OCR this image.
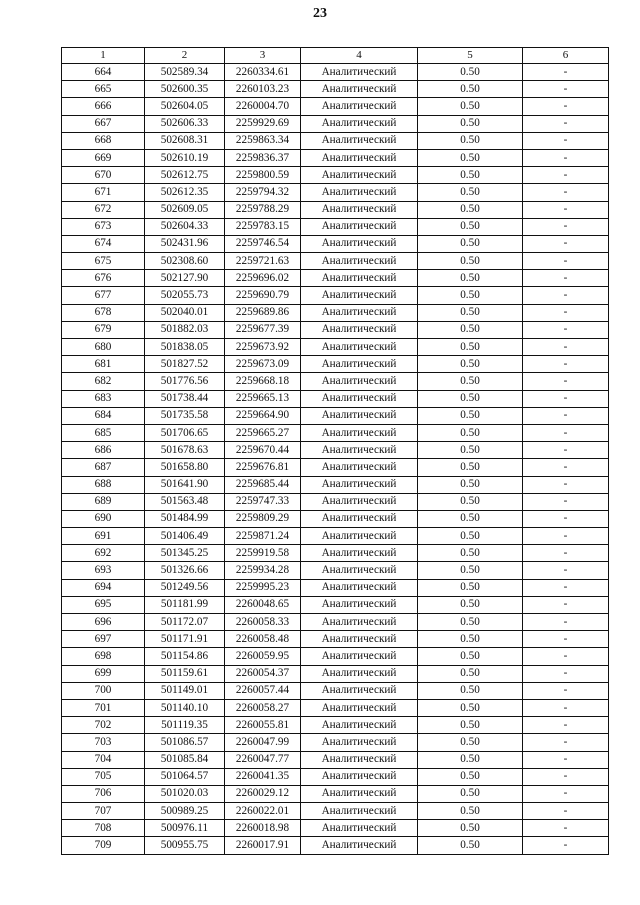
23
1	2	3	4	5	6
664	502589.34	2260334.61	Аналитический	0.50	-
665	502600.35	2260103.23	Аналитический	0.50	-
666	502604.05	2260004.70	Аналитический	0.50	-
667	502606.33	2259929.69	Аналитический	0.50	-
668	502608.31	2259863.34	Аналитический	0.50	-
669	502610.19	2259836.37	Аналитический	0.50	-
670	502612.75	2259800.59	Аналитический	0.50	-
671	502612.35	2259794.32	Аналитический	0.50	-
672	502609.05	2259788.29	Аналитический	0.50	-
673	502604.33	2259783.15	Аналитический	0.50	-
674	502431.96	2259746.54	Аналитический	0.50	-
675	502308.60	2259721.63	Аналитический	0.50	-
676	502127.90	2259696.02	Аналитический	0.50	-
677	502055.73	2259690.79	Аналитический	0.50	-
678	502040.01	2259689.86	Аналитический	0.50	-
679	501882.03	2259677.39	Аналитический	0.50	-
680	501838.05	2259673.92	Аналитический	0.50	-
681	501827.52	2259673.09	Аналитический	0.50	-
682	501776.56	2259668.18	Аналитический	0.50	-
683	501738.44	2259665.13	Аналитический	0.50	-
684	501735.58	2259664.90	Аналитический	0.50	-
685	501706.65	2259665.27	Аналитический	0.50	-
686	501678.63	2259670.44	Аналитический	0.50	-
687	501658.80	2259676.81	Аналитический	0.50	-
688	501641.90	2259685.44	Аналитический	0.50	-
689	501563.48	2259747.33	Аналитический	0.50	-
690	501484.99	2259809.29	Аналитический	0.50	-
691	501406.49	2259871.24	Аналитический	0.50	-
692	501345.25	2259919.58	Аналитический	0.50	-
693	501326.66	2259934.28	Аналитический	0.50	-
694	501249.56	2259995.23	Аналитический	0.50	-
695	501181.99	2260048.65	Аналитический	0.50	-
696	501172.07	2260058.33	Аналитический	0.50	-
697	501171.91	2260058.48	Аналитический	0.50	-
698	501154.86	2260059.95	Аналитический	0.50	-
699	501159.61	2260054.37	Аналитический	0.50	-
700	501149.01	2260057.44	Аналитический	0.50	-
701	501140.10	2260058.27	Аналитический	0.50	-
702	501119.35	2260055.81	Аналитический	0.50	-
703	501086.57	2260047.99	Аналитический	0.50	-
704	501085.84	2260047.77	Аналитический	0.50	-
705	501064.57	2260041.35	Аналитический	0.50	-
706	501020.03	2260029.12	Аналитический	0.50	-
707	500989.25	2260022.01	Аналитический	0.50	-
708	500976.11	2260018.98	Аналитический	0.50	-
709	500955.75	2260017.91	Аналитический	0.50	-
